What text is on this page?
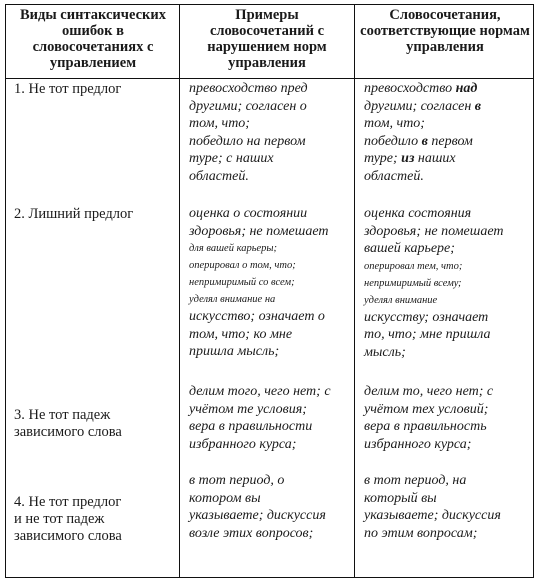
Виды синтаксических ошибок в словосочетаниях с управлением
Примеры словосочетаний с нарушением норм управления
Словосочетания, соответствующие нормам управления
1. Не тот предлог
2. Лишний предлог
3. Не тот падеж
зависимого слова
4. Не тот предлог
и не тот падеж
зависимого слова
превосходство пред
другими; согласен о
том, что;
победило на первом
туре; с наших
областей.
оценка о состоянии
здоровья; не помешает
для вашей карьеры;
оперировал о том, что;
непримиримый со всем;
уделял внимание на
искусство; означает о
том, что; ко мне
пришла мысль;
делим того, чего нет; с
учётом те условия;
вера в правильности
избранного курса;
в тот период, о
котором вы
указываете; дискуссия
возле этих вопросов;
превосходство над
другими; согласен в
том, что;
победило в первом
туре; из наших
областей.
оценка состояния
здоровья; не помешает
вашей карьере;
оперировал тем, что;
непримиримый всему;
уделял внимание
искусству; означает
то, что; мне пришла
мысль;
делим то, чего нет; с
учётом тех условий;
вера в правильность
избранного курса;
в тот период, на
который вы
указываете; дискуссия
по этим вопросам;
